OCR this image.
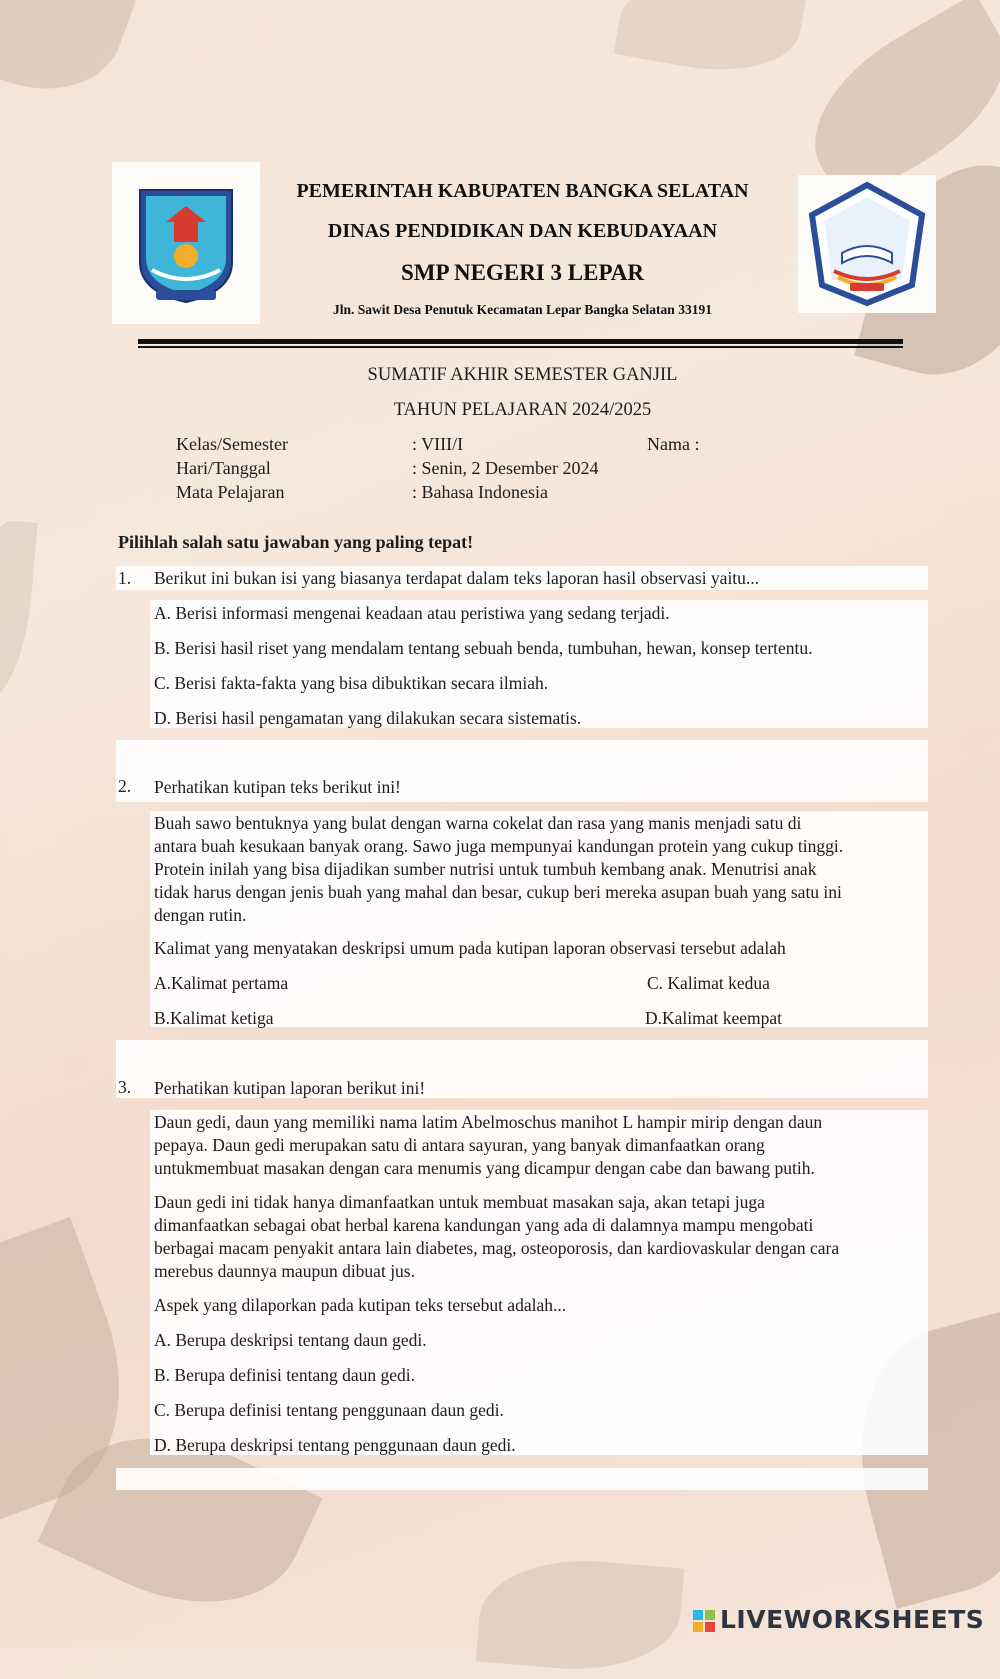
PEMERINTAH KABUPATEN BANGKA SELATAN
DINAS PENDIDIKAN DAN KEBUDAYAAN
SMP NEGERI 3 LEPAR
Jln. Sawit Desa Penutuk Kecamatan Lepar Bangka Selatan 33191
SUMATIF AKHIR SEMESTER GANJIL
TAHUN PELAJARAN 2024/2025
Kelas/Semester	: VIII/I	Nama :
Hari/Tanggal	: Senin, 2 Desember 2024
Mata Pelajaran	: Bahasa Indonesia
Pilihlah salah satu jawaban yang paling tepat!
1. Berikut ini bukan isi yang biasanya terdapat dalam teks laporan hasil observasi yaitu...
A. Berisi informasi mengenai keadaan atau peristiwa yang sedang terjadi.
B. Berisi hasil riset yang mendalam tentang sebuah benda, tumbuhan, hewan, konsep tertentu.
C. Berisi fakta-fakta yang bisa dibuktikan secara ilmiah.
D. Berisi hasil pengamatan yang dilakukan secara sistematis.
2. Perhatikan kutipan teks berikut ini!
Buah sawo bentuknya yang bulat dengan warna cokelat dan rasa yang manis menjadi satu di
antara buah kesukaan banyak orang. Sawo juga mempunyai kandungan protein yang cukup tinggi.
Protein inilah yang bisa dijadikan sumber nutrisi untuk tumbuh kembang anak. Menutrisi anak
tidak harus dengan jenis buah yang mahal dan besar, cukup beri mereka asupan buah yang satu ini
dengan rutin.
Kalimat yang menyatakan deskripsi umum pada kutipan laporan observasi tersebut adalah
A.Kalimat pertama	C. Kalimat kedua
B.Kalimat ketiga	D.Kalimat keempat
3. Perhatikan kutipan laporan berikut ini!
Daun gedi, daun yang memiliki nama latim Abelmoschus manihot L hampir mirip dengan daun
pepaya. Daun gedi merupakan satu di antara sayuran, yang banyak dimanfaatkan orang
untukmembuat masakan dengan cara menumis yang dicampur dengan cabe dan bawang putih.
Daun gedi ini tidak hanya dimanfaatkan untuk membuat masakan saja, akan tetapi juga
dimanfaatkan sebagai obat herbal karena kandungan yang ada di dalamnya mampu mengobati
berbagai macam penyakit antara lain diabetes, mag, osteoporosis, dan kardiovaskular dengan cara
merebus daunnya maupun dibuat jus.
Aspek yang dilaporkan pada kutipan teks tersebut adalah...
A. Berupa deskripsi tentang daun gedi.
B. Berupa definisi tentang daun gedi.
C. Berupa definisi tentang penggunaan daun gedi.
D. Berupa deskripsi tentang penggunaan daun gedi.
LIVEWORKSHEETS
